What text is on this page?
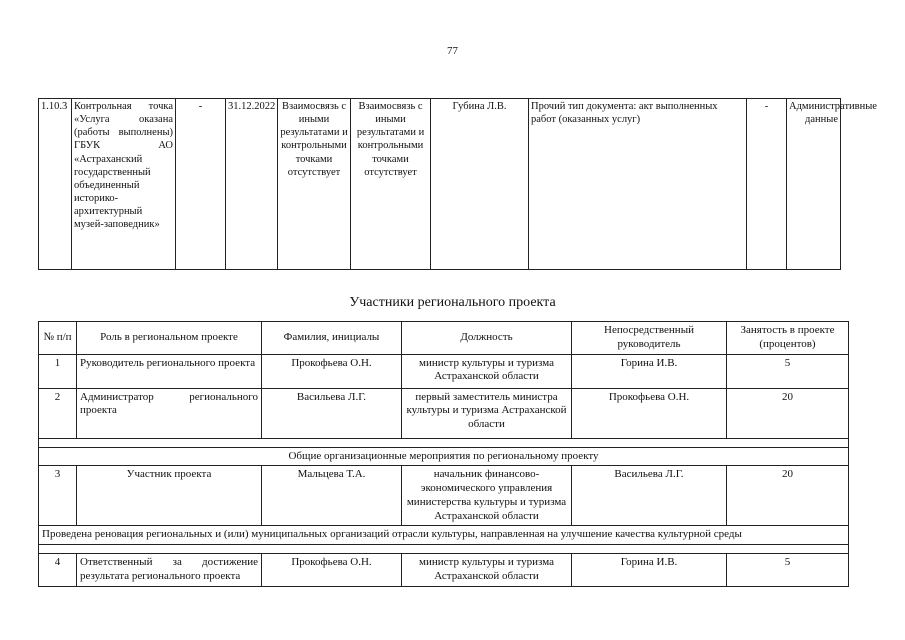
77
1.10.3	Контрольная точка «Услуга оказана (работы выполнены) ГБУК АО «Астраханский государственный объединенный историко-архитектурный музей-заповедник»	-	31.12.2022	Взаимосвязь с иными результатами и контрольными точками отсутствует	Взаимосвязь с иными результатами и контрольными точками отсутствует	Губина Л.В.	Прочий тип документа: акт выполненных работ (оказанных услуг)	-	Административные данные
Участники регионального проекта
№ п/п	Роль в региональном проекте	Фамилия, инициалы	Должность	Непосредственный руководитель	Занятость в проекте (процентов)
1	Руководитель регионального проекта	Прокофьева О.Н.	министр культуры и туризма Астраханской области	Горина И.В.	5
2	Администратор регионального проекта	Васильева Л.Г.	первый заместитель министра культуры и туризма Астраханской области	Прокофьева О.Н.	20

Общие организационные мероприятия по региональному проекту					
3	Участник проекта	Мальцева Т.А.	начальник финансово-экономического управления министерства культуры и туризма Астраханской области	Васильева Л.Г.	20
Проведена реновация региональных и (или) муниципальных организаций отрасли культуры, направленная на улучшение качества культурной среды					

4	Ответственный за достижение результата регионального проекта	Прокофьева О.Н.	министр культуры и туризма Астраханской области	Горина И.В.	5
